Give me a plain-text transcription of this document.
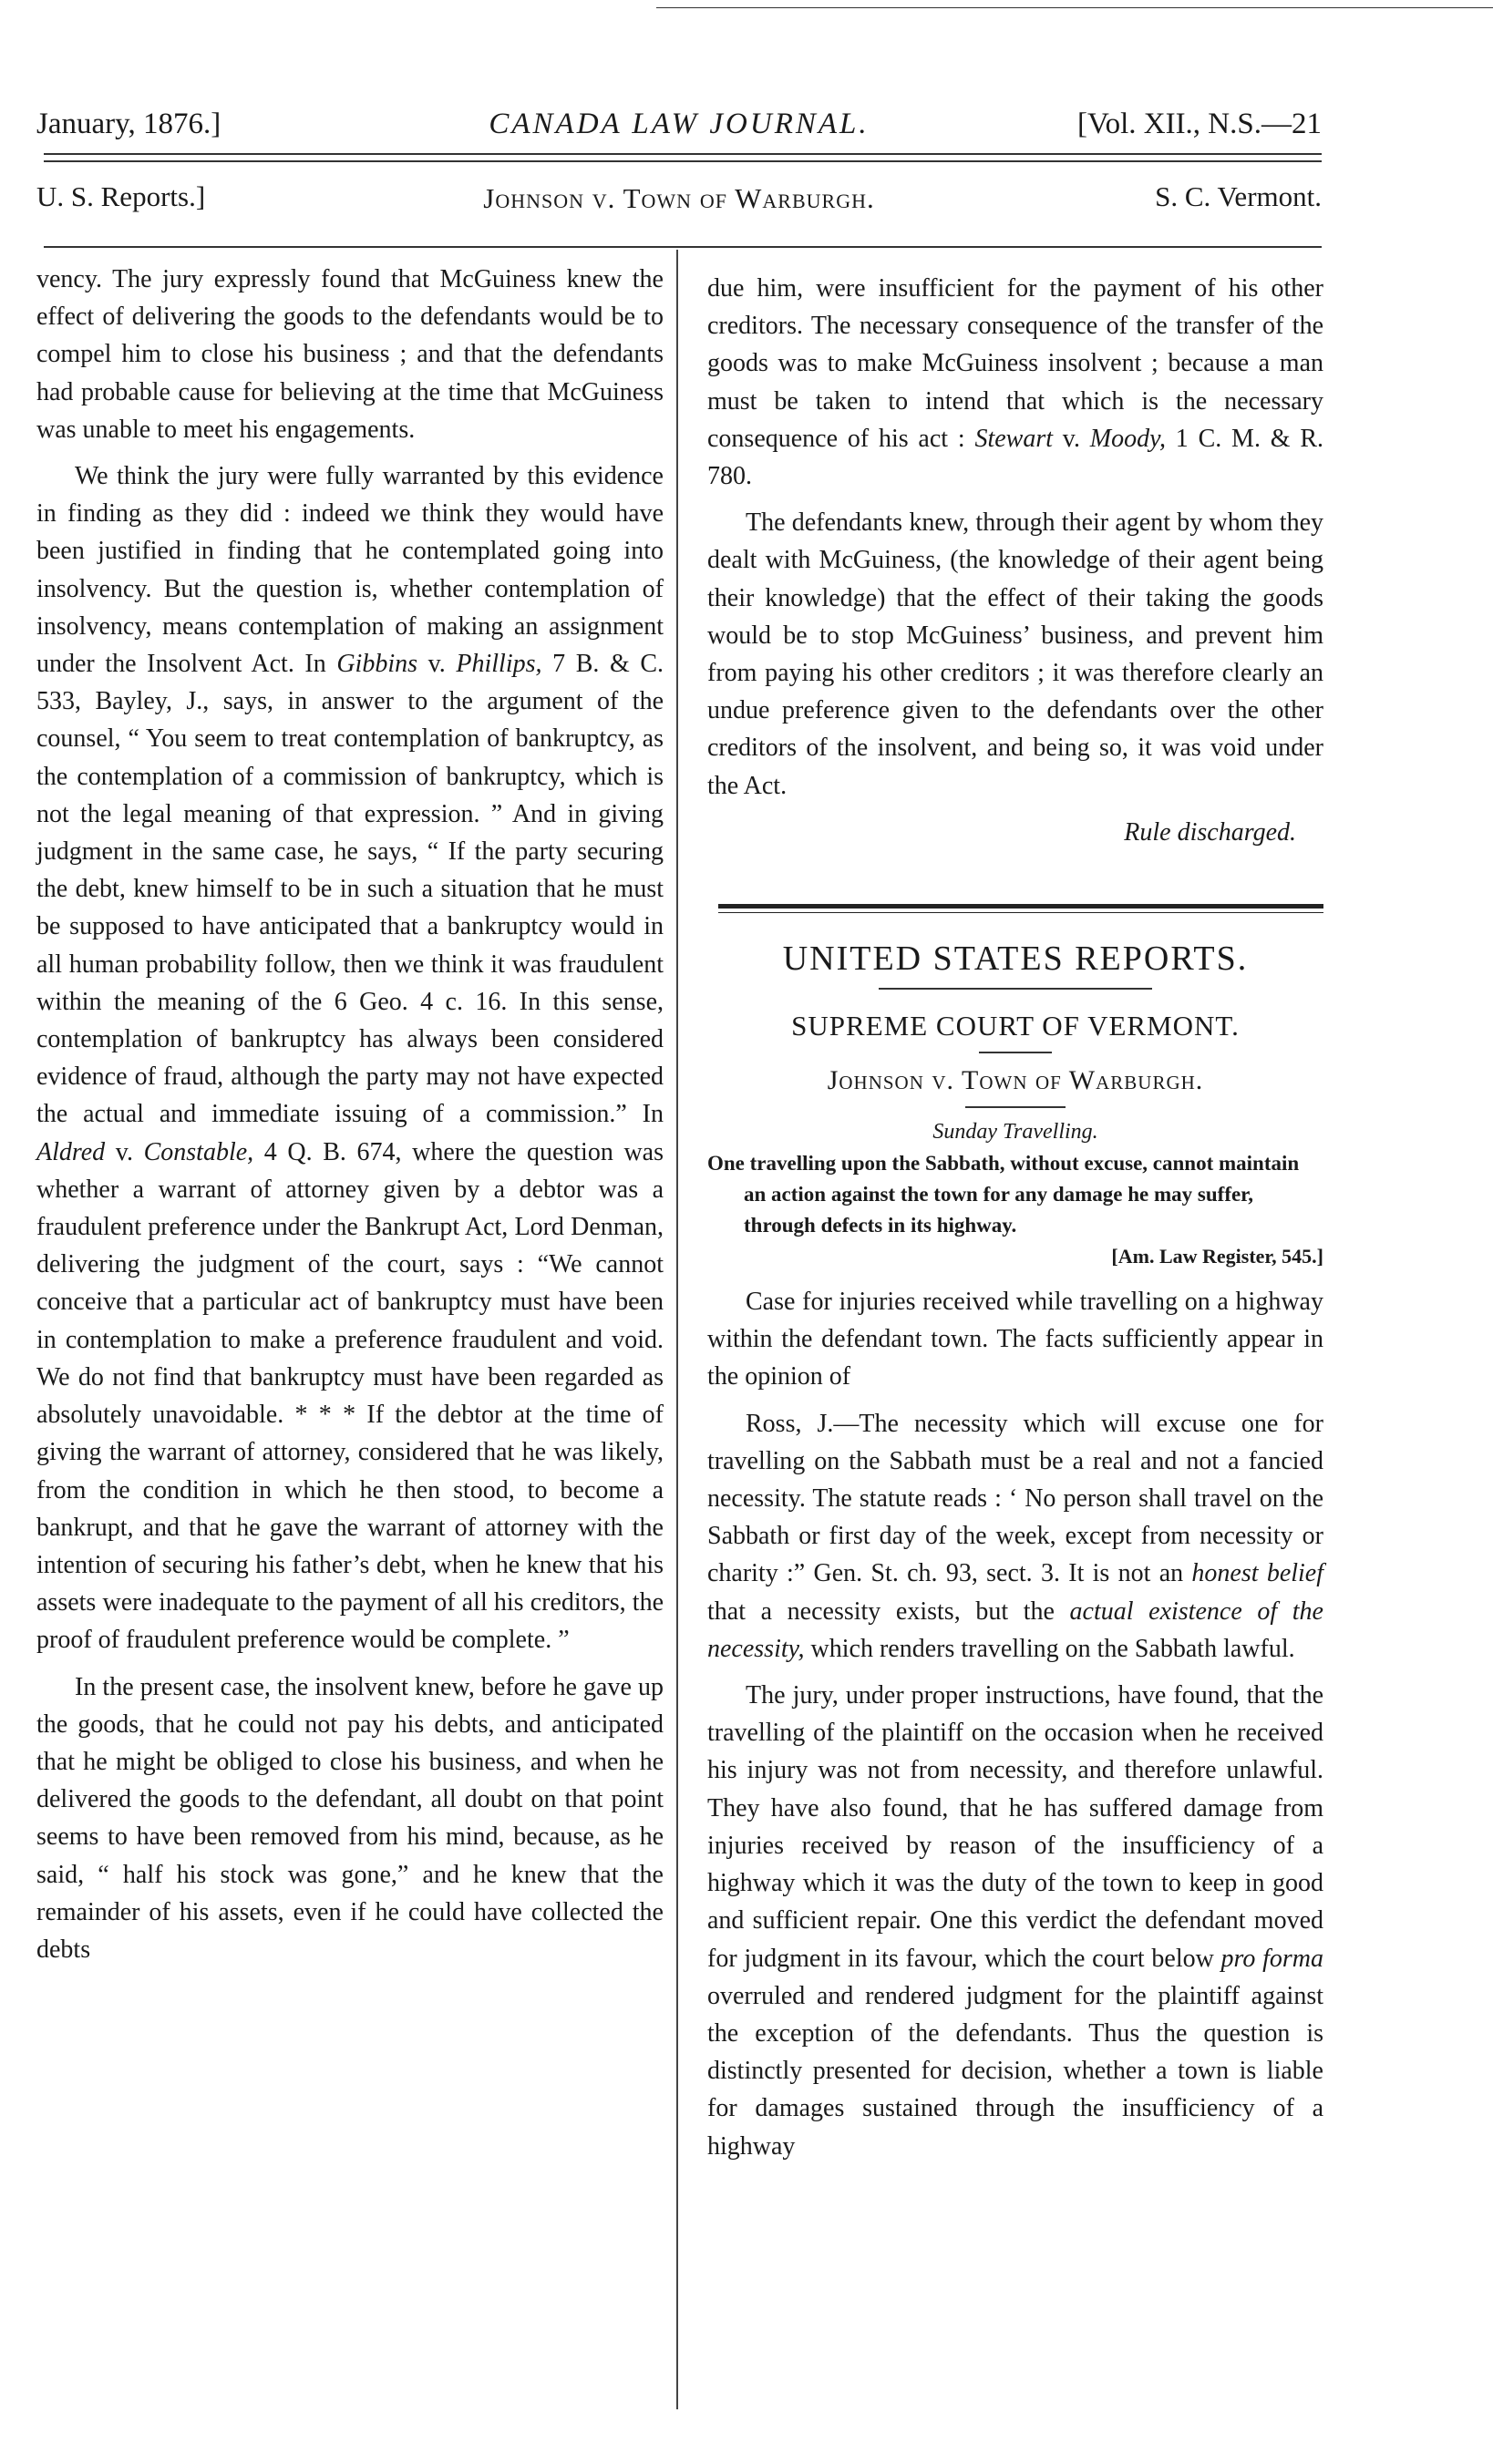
January, 1876.]	CANADA LAW JOURNAL.	[Vol. XII., N.S.—21
U. S. Reports.]	Johnson v. Town of Warburgh.	S. C. Vermont.

vency. The jury expressly found that McGuiness knew the effect of delivering the goods to the defendants would be to compel him to close his business ; and that the defendants had probable cause for believing at the time that McGuiness was unable to meet his engagements.

We think the jury were fully warranted by this evidence in finding as they did : indeed we think they would have been justified in finding that he contemplated going into insolvency. But the question is, whether contemplation of insolvency, means contemplation of making an assignment under the Insolvent Act. In Gibbins v. Phillips, 7 B. & C. 533, Bayley, J., says, in answer to the argument of the counsel, “ You seem to treat contemplation of bankruptcy, as the contemplation of a commission of bankruptcy, which is not the legal meaning of that expression. ” And in giving judgment in the same case, he says, “ If the party securing the debt, knew himself to be in such a situation that he must be supposed to have anticipated that a bankruptcy would in all human probability follow, then we think it was fraudulent within the meaning of the 6 Geo. 4 c. 16. In this sense, contemplation of bankruptcy has always been considered evidence of fraud, although the party may not have expected the actual and immediate issuing of a commission.” In Aldred v. Constable, 4 Q. B. 674, where the question was whether a warrant of attorney given by a debtor was a fraudulent preference under the Bankrupt Act, Lord Denman, delivering the judgment of the court, says : “We cannot conceive that a particular act of bankruptcy must have been in contemplation to make a preference fraudulent and void. We do not find that bankruptcy must have been regarded as absolutely unavoidable. * * * If the debtor at the time of giving the warrant of attorney, considered that he was likely, from the condition in which he then stood, to become a bankrupt, and that he gave the warrant of attorney with the intention of securing his father’s debt, when he knew that his assets were inadequate to the payment of all his creditors, the proof of fraudulent preference would be complete. ”

In the present case, the insolvent knew, before he gave up the goods, that he could not pay his debts, and anticipated that he might be obliged to close his business, and when he delivered the goods to the defendant, all doubt on that point seems to have been removed from his mind, because, as he said, “ half his stock was gone,” and he knew that the remainder of his assets, even if he could have collected the debts

due him, were insufficient for the payment of his other creditors. The necessary consequence of the transfer of the goods was to make McGuiness insolvent ; because a man must be taken to intend that which is the necessary consequence of his act : Stewart v. Moody, 1 C. M. & R. 780.

The defendants knew, through their agent by whom they dealt with McGuiness, (the knowledge of their agent being their knowledge) that the effect of their taking the goods would be to stop McGuiness’ business, and prevent him from paying his other creditors ; it was therefore clearly an undue preference given to the defendants over the other creditors of the insolvent, and being so, it was void under the Act.

Rule discharged.

UNITED STATES REPORTS.
SUPREME COURT OF VERMONT.
Johnson v. Town of Warburgh.
Sunday Travelling.
One travelling upon the Sabbath, without excuse, cannot maintain an action against the town for any damage he may suffer, through defects in its highway.
[Am. Law Register, 545.]

Case for injuries received while travelling on a highway within the defendant town. The facts sufficiently appear in the opinion of

Ross, J.—The necessity which will excuse one for travelling on the Sabbath must be a real and not a fancied necessity. The statute reads : ‘ No person shall travel on the Sabbath or first day of the week, except from necessity or charity :” Gen. St. ch. 93, sect. 3. It is not an honest belief that a necessity exists, but the actual existence of the necessity, which renders travelling on the Sabbath lawful.

The jury, under proper instructions, have found, that the travelling of the plaintiff on the occasion when he received his injury was not from necessity, and therefore unlawful. They have also found, that he has suffered damage from injuries received by reason of the insufficiency of a highway which it was the duty of the town to keep in good and sufficient repair. One this verdict the defendant moved for judgment in its favour, which the court below pro forma overruled and rendered judgment for the plaintiff against the exception of the defendants. Thus the question is distinctly presented for decision, whether a town is liable for damages sustained through the insufficiency of a highway
